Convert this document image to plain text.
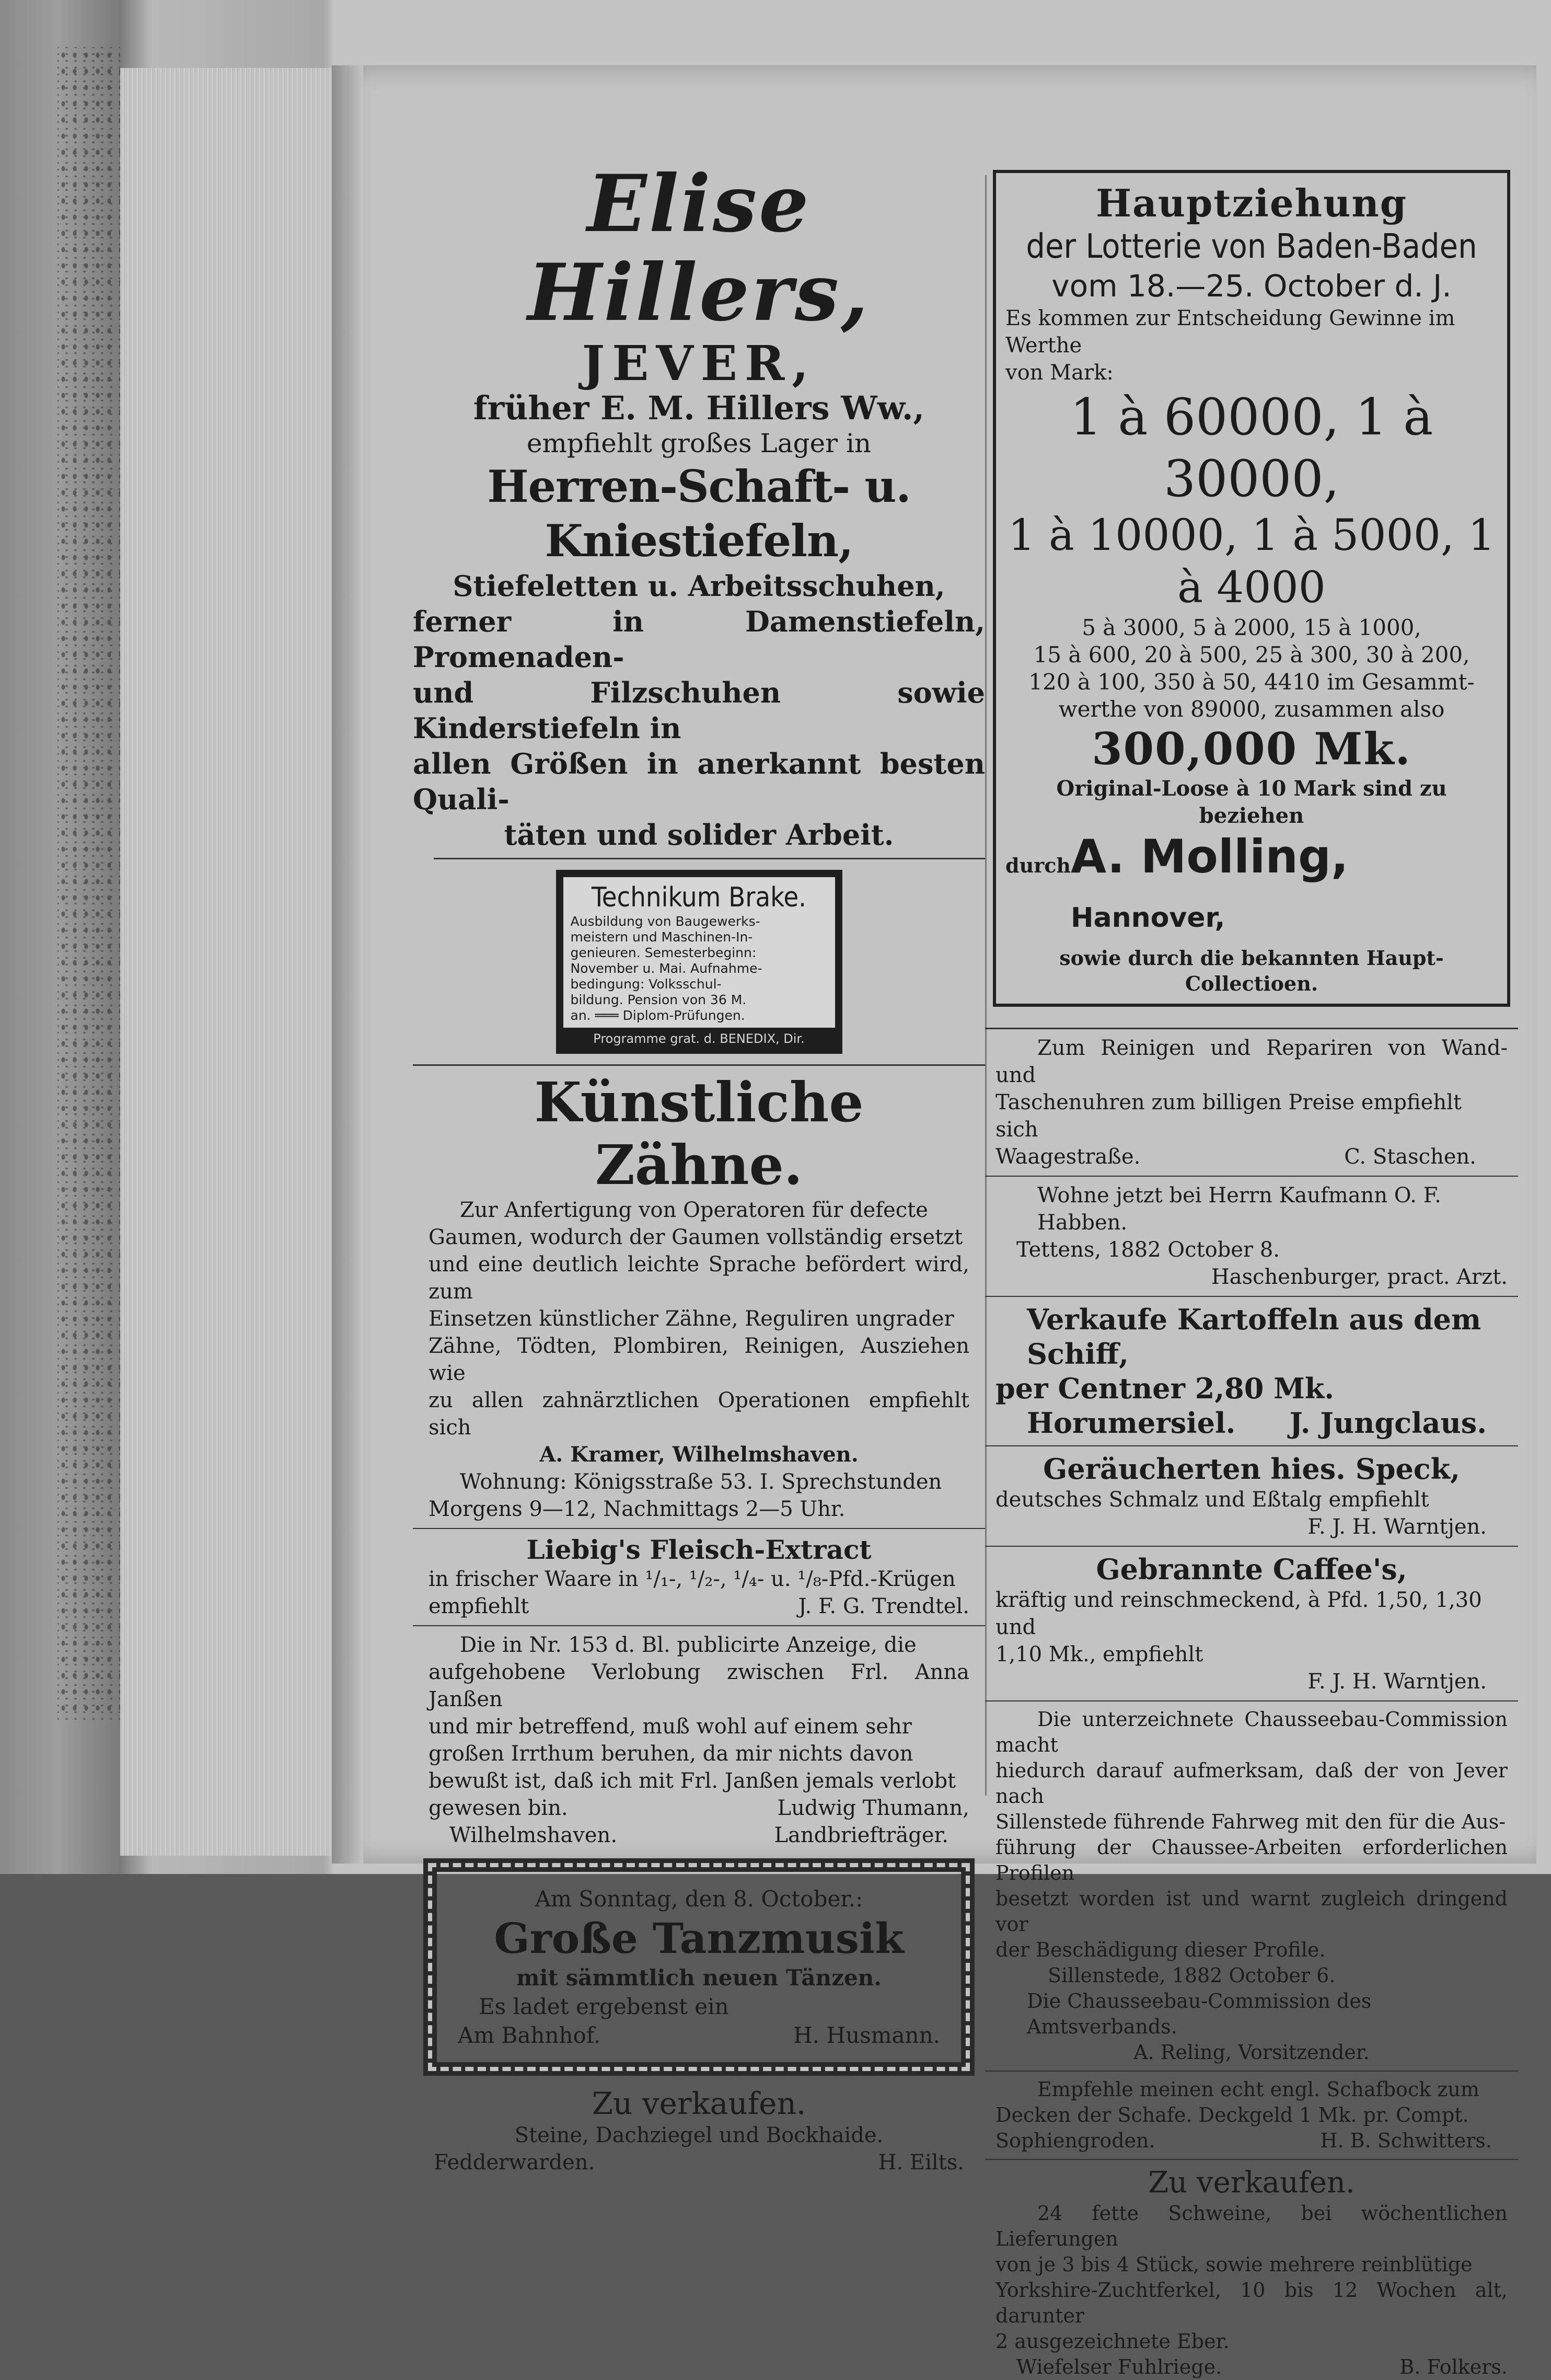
Elise Hillers,
JEVER,
früher E. M. Hillers Ww.,
empfiehlt großes Lager in
Herren-Schaft- u. Kniestiefeln,
Stiefeletten u. Arbeitsschuhen,
ferner in Damenstiefeln, Promenaden-
und Filzschuhen sowie Kinderstiefeln in
allen Größen in anerkannt besten Quali-
täten und solider Arbeit.
Technikum Brake.
Ausbildung von Baugewerks-
meistern und Maschinen-In-
genieuren. Semesterbeginn:
November u. Mai. Aufnahme-
bedingung: Volksschul-
bildung. Pension von 36 M.
an. ═══ Diplom-Prüfungen.
Programme grat. d. BENEDIX, Dir.
Künstliche Zähne.
Zur Anfertigung von Operatoren für defecte
Gaumen, wodurch der Gaumen vollständig ersetzt
und eine deutlich leichte Sprache befördert wird, zum
Einsetzen künstlicher Zähne, Reguliren ungrader
Zähne, Tödten, Plombiren, Reinigen, Ausziehen wie
zu allen zahnärztlichen Operationen empfiehlt sich
A. Kramer, Wilhelmshaven.
Wohnung: Königsstraße 53. I. Sprechstunden
Morgens 9—12, Nachmittags 2—5 Uhr.
Liebig's Fleisch-Extract
in frischer Waare in ¹/₁-, ¹/₂-, ¹/₄- u. ¹/₈-Pfd.-Krügen
empfiehlt	J. F. G. Trendtel.
Die in Nr. 153 d. Bl. publicirte Anzeige, die
aufgehobene Verlobung zwischen Frl. Anna Janßen
und mir betreffend, muß wohl auf einem sehr
großen Irrthum beruhen, da mir nichts davon
bewußt ist, daß ich mit Frl. Janßen jemals verlobt
gewesen bin.	Ludwig Thumann,
Wilhelmshaven.	Landbriefträger.
Am Sonntag, den 8. October.:
Große Tanzmusik
mit sämmtlich neuen Tänzen.
Es ladet ergebenst ein
Am Bahnhof.	H. Husmann.
Zu verkaufen.
Steine, Dachziegel und Bockhaide.
Fedderwarden.	H. Eilts.
Hauptziehung
der Lotterie von Baden-Baden
vom 18.—25. October d. J.
Es kommen zur Entscheidung Gewinne im Werthe
von Mark:
1 à 60000, 1 à 30000,
1 à 10000, 1 à 5000, 1 à 4000
5 à 3000, 5 à 2000, 15 à 1000,
15 à 600, 20 à 500, 25 à 300, 30 à 200,
120 à 100, 350 à 50, 4410 im Gesammt-
werthe von 89000, zusammen also
300,000 Mk.
Original-Loose à 10 Mark sind zu beziehen
durch A. Molling, Hannover,
sowie durch die bekannten Haupt-Collectioen.
Zum Reinigen und Repariren von Wand- und
Taschenuhren zum billigen Preise empfiehlt sich
Waagestraße.	C. Staschen.
Wohne jetzt bei Herrn Kaufmann O. F. Habben.
Tettens, 1882 October 8.
Haschenburger, pract. Arzt.
Verkaufe Kartoffeln aus dem Schiff,
per Centner 2,80 Mk.
Horumersiel. J. Jungclaus.
Geräucherten hies. Speck,
deutsches Schmalz und Eßtalg empfiehlt
F. J. H. Warntjen.
Gebrannte Caffee's,
kräftig und reinschmeckend, à Pfd. 1,50, 1,30 und
1,10 Mk., empfiehlt
F. J. H. Warntjen.
Die unterzeichnete Chausseebau-Commission macht
hiedurch darauf aufmerksam, daß der von Jever nach
Sillenstede führende Fahrweg mit den für die Aus-
führung der Chaussee-Arbeiten erforderlichen Profilen
besetzt worden ist und warnt zugleich dringend vor
der Beschädigung dieser Profile.
Sillenstede, 1882 October 6.
Die Chausseebau-Commission des Amtsverbands.
A. Reling, Vorsitzender.
Empfehle meinen echt engl. Schafbock zum
Decken der Schafe. Deckgeld 1 Mk. pr. Compt.
Sophiengroden.	H. B. Schwitters.
Zu verkaufen.
24 fette Schweine, bei wöchentlichen Lieferungen
von je 3 bis 4 Stück, sowie mehrere reinblütige
Yorkshire-Zuchtferkel, 10 bis 12 Wochen alt, darunter
2 ausgezeichnete Eber.
Wiefelser Fuhlriege.	B. Folkers.
